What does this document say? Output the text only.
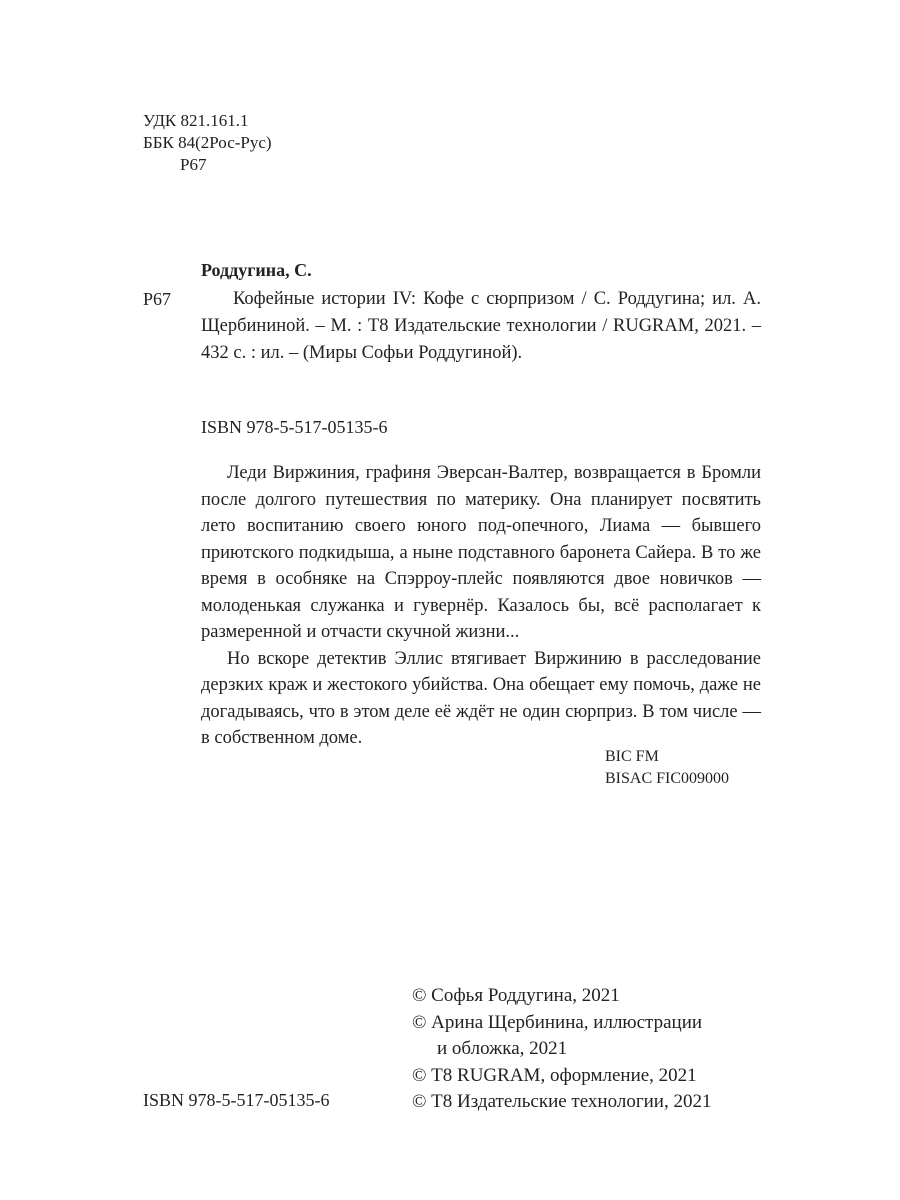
УДК 821.161.1
ББК 84(2Рос-Рус)
Р67
Роддугина, С.
Р67	Кофейные истории IV: Кофе с сюрпризом / С. Роддугина; ил. А. Щербининой. – М. : Т8 Издательские технологии / RUGRAM, 2021. – 432 с. : ил. – (Миры Софьи Роддугиной).

ISBN 978-5-517-05135-6

Леди Виржиния, графиня Эверсан-Валтер, возвращается в Бромли после долгого путешествия по материку. Она планирует посвятить лето воспитанию своего юного под-опечного, Лиама — бывшего приютского подкидыша, а ныне подставного баронета Сайера. В то же время в особняке на Спэрроу-плейс появляются двое новичков — молоденькая служанка и гувернёр. Казалось бы, всё располагает к размеренной и отчасти скучной жизни...

Но вскоре детектив Эллис втягивает Виржинию в расследование дерзких краж и жестокого убийства. Она обещает ему помочь, даже не догадываясь, что в этом деле её ждёт не один сюрприз. В том числе — в собственном доме.

BIC FM
BISAC FIC009000
© Софья Роддугина, 2021
© Арина Щербинина, иллюстрации
и обложка, 2021
© Т8 RUGRAM, оформление, 2021
© Т8 Издательские технологии, 2021
ISBN 978-5-517-05135-6
